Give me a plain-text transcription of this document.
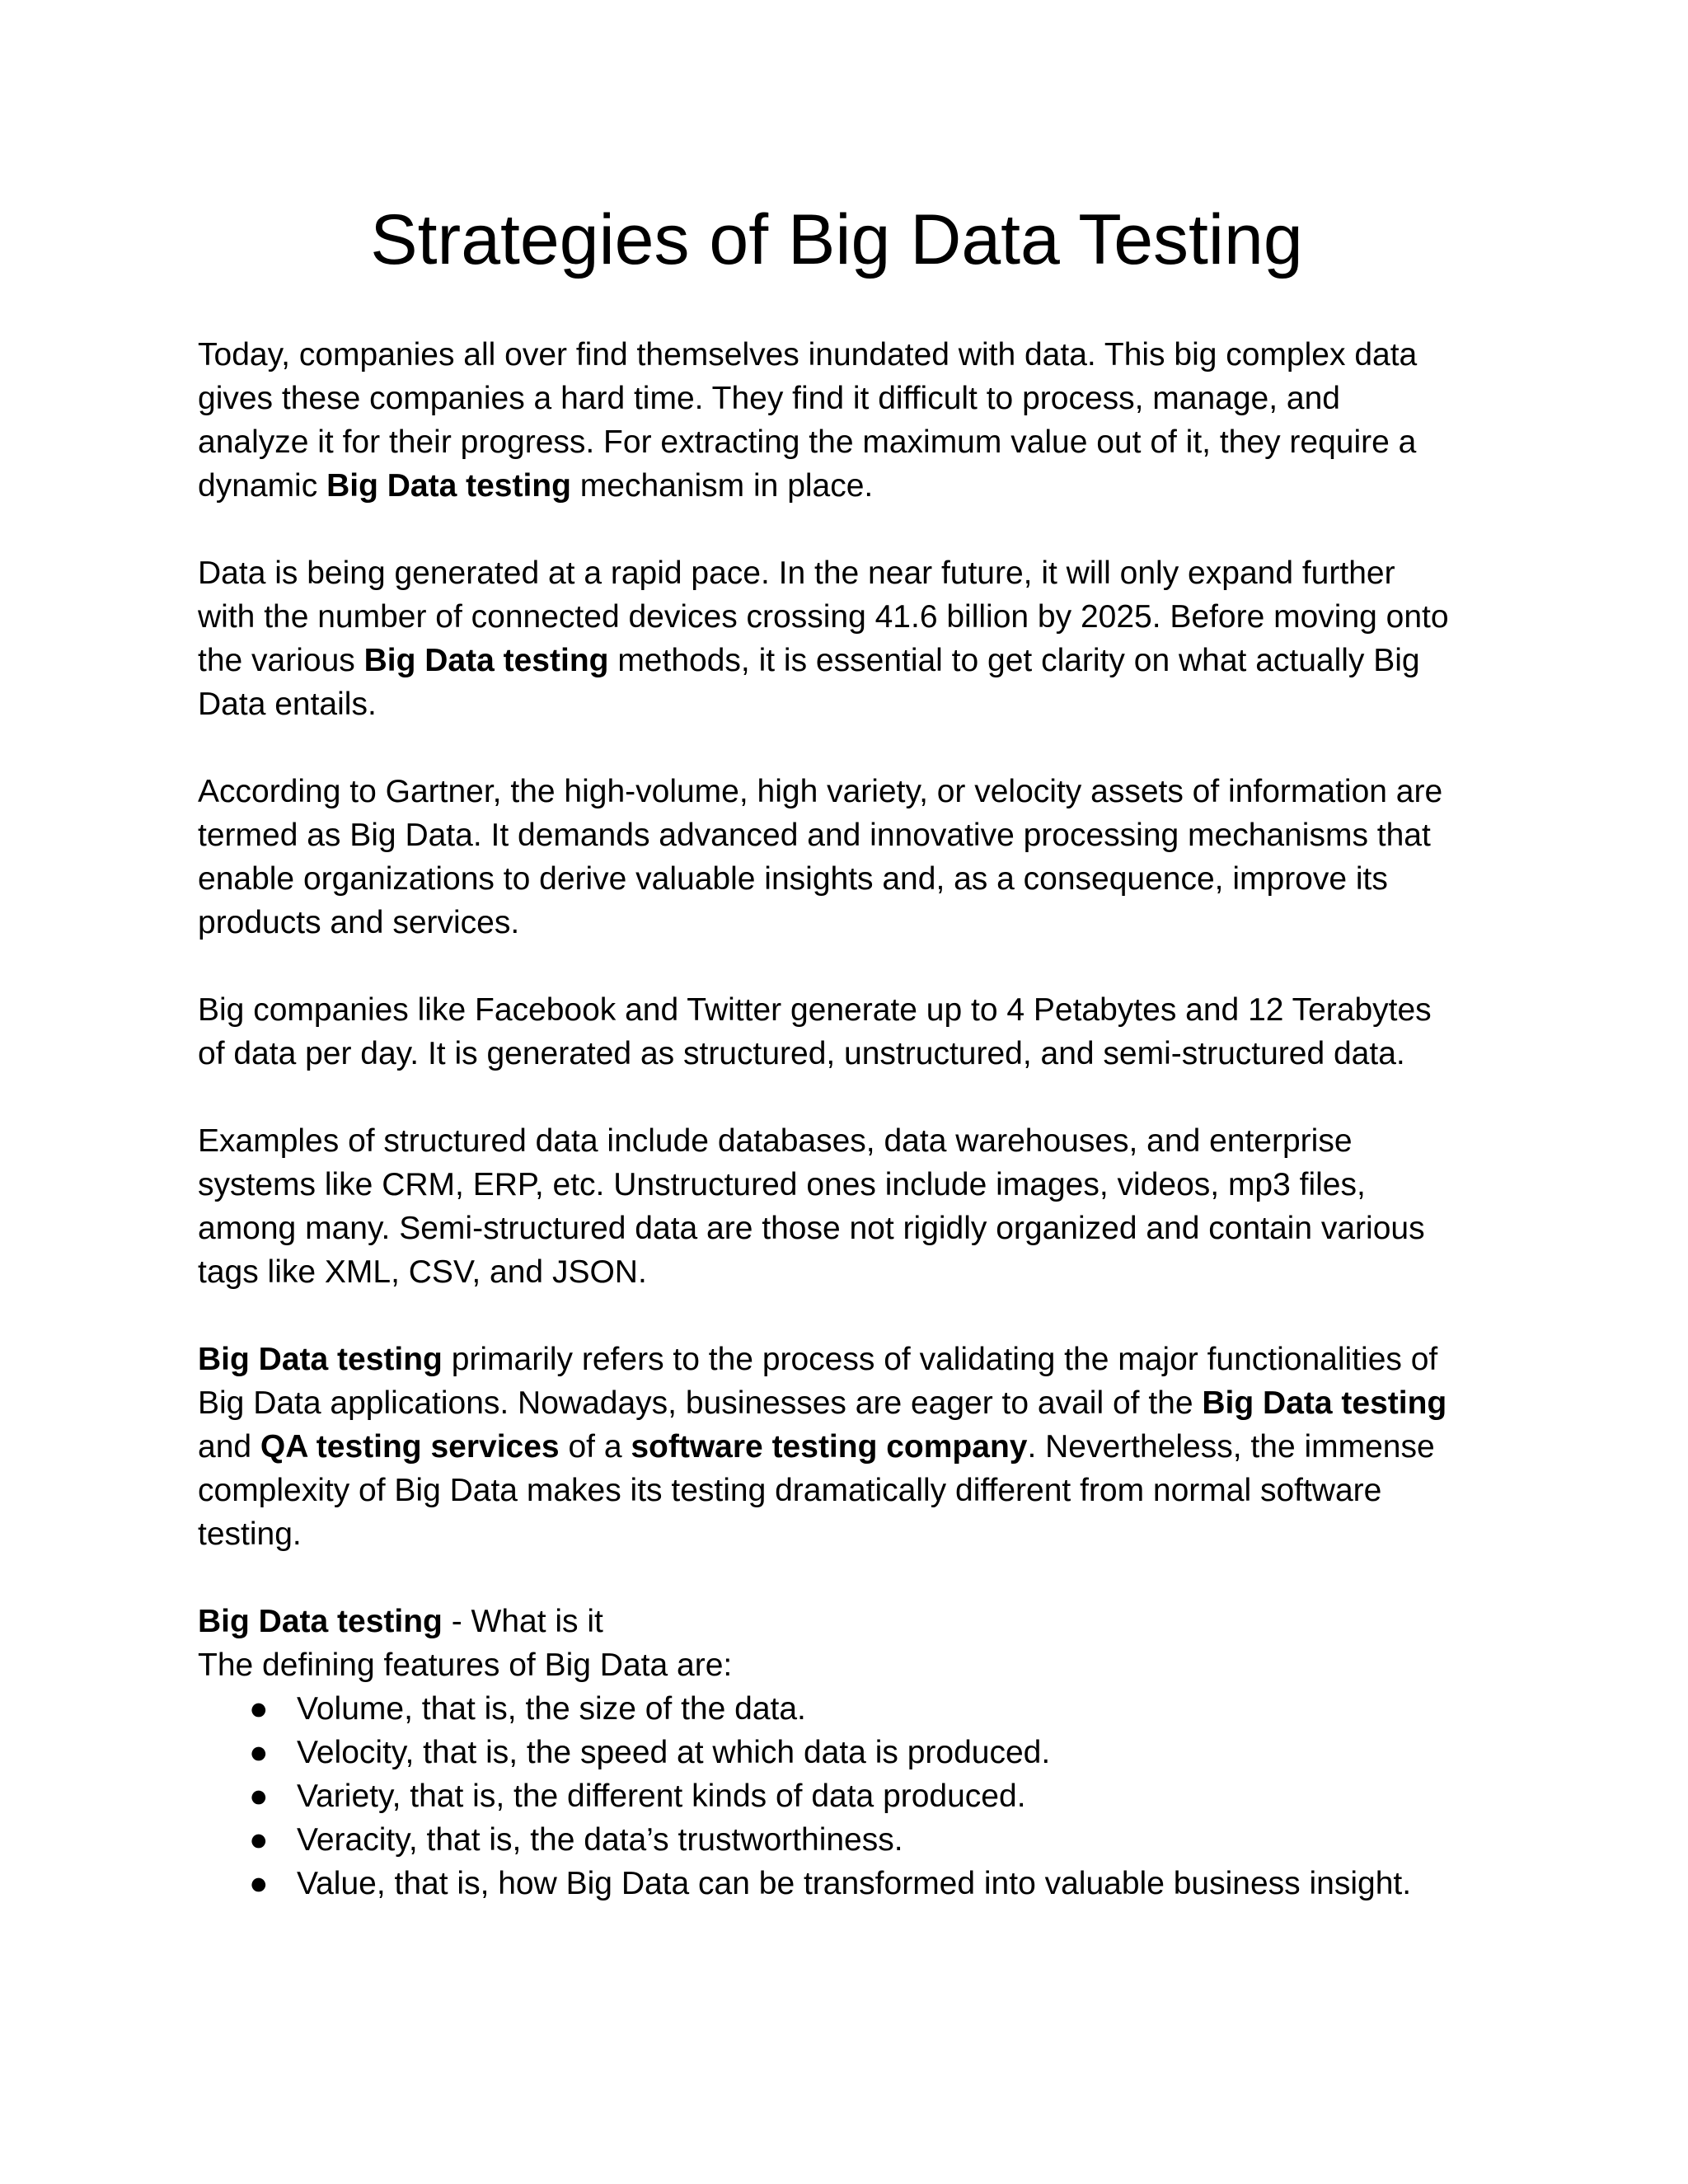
Strategies of Big Data Testing
Today, companies all over find themselves inundated with data. This big complex data
gives these companies a hard time. They find it difficult to process, manage, and
analyze it for their progress. For extracting the maximum value out of it, they require a
dynamic Big Data testing mechanism in place.
Data is being generated at a rapid pace. In the near future, it will only expand further
with the number of connected devices crossing 41.6 billion by 2025. Before moving onto
the various Big Data testing methods, it is essential to get clarity on what actually Big
Data entails.
According to Gartner, the high-volume, high variety, or velocity assets of information are
termed as Big Data. It demands advanced and innovative processing mechanisms that
enable organizations to derive valuable insights and, as a consequence, improve its
products and services.
Big companies like Facebook and Twitter generate up to 4 Petabytes and 12 Terabytes
of data per day. It is generated as structured, unstructured, and semi-structured data.
Examples of structured data include databases, data warehouses, and enterprise
systems like CRM, ERP, etc. Unstructured ones include images, videos, mp3 files,
among many. Semi-structured data are those not rigidly organized and contain various
tags like XML, CSV, and JSON.
Big Data testing primarily refers to the process of validating the major functionalities of
Big Data applications. Nowadays, businesses are eager to avail of the Big Data testing
and QA testing services of a software testing company. Nevertheless, the immense
complexity of Big Data makes its testing dramatically different from normal software
testing.
Big Data testing - What is it
The defining features of Big Data are:
● Volume, that is, the size of the data.
● Velocity, that is, the speed at which data is produced.
● Variety, that is, the different kinds of data produced.
● Veracity, that is, the data’s trustworthiness.
● Value, that is, how Big Data can be transformed into valuable business insight.
